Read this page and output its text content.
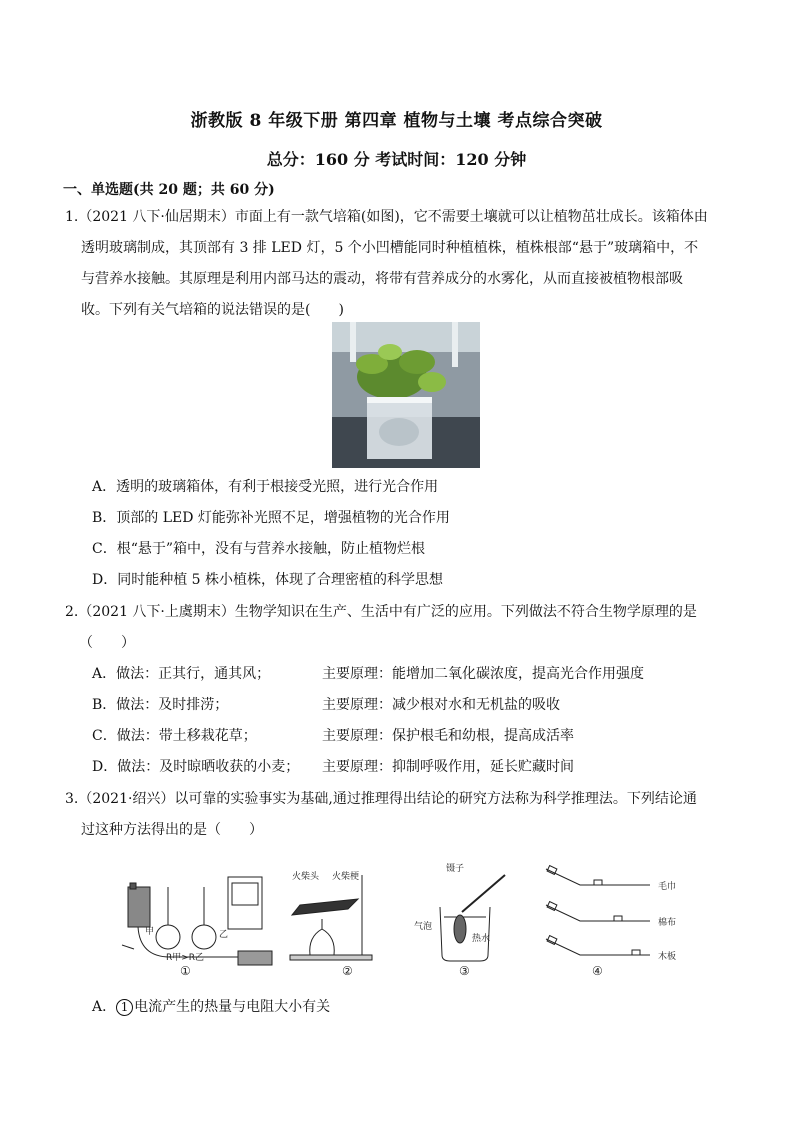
浙教版 8 年级下册 第四章 植物与土壤 考点综合突破
总分：160 分 考试时间：120 分钟
一、单选题(共 20 题；共 60 分)
1.（2021 八下·仙居期末）市面上有一款气培箱(如图)，它不需要土壤就可以让植物茁壮成长。该箱体由
透明玻璃制成，其顶部有 3 排 LED 灯，5 个小凹槽能同时种植植株，植株根部“悬于”玻璃箱中，不
与营养水接触。其原理是利用内部马达的震动，将带有营养成分的水雾化，从而直接被植物根部吸
收。下列有关气培箱的说法错误的是(　　)
A．透明的玻璃箱体，有利于根接受光照，进行光合作用
B．顶部的 LED 灯能弥补光照不足，增强植物的光合作用
C．根“悬于”箱中，没有与营养水接触，防止植物烂根
D．同时能种植 5 株小植株，体现了合理密植的科学思想
2.（2021 八下·上虞期末）生物学知识在生产、生活中有广泛的应用。下列做法不符合生物学原理的是
（　　）
A．做法：正其行，通其风；	主要原理：能增加二氧化碳浓度，提高光合作用强度
B．做法：及时排涝；	主要原理：减少根对水和无机盐的吸收
C．做法：带土移栽花草；	主要原理：保护根毛和幼根，提高成活率
D．做法：及时晾晒收获的小麦； 主要原理：抑制呼吸作用，延长贮藏时间
3.（2021·绍兴）以可靠的实验事实为基础,通过推理得出结论的研究方法称为科学推理法。下列结论通
过这种方法得出的是（　　）
甲	乙
R甲>R乙
①
火柴头 火柴梗
②
镊子
气泡
热水
③
毛巾
棉布
木板
④
A． 1 电流产生的热量与电阻大小有关
